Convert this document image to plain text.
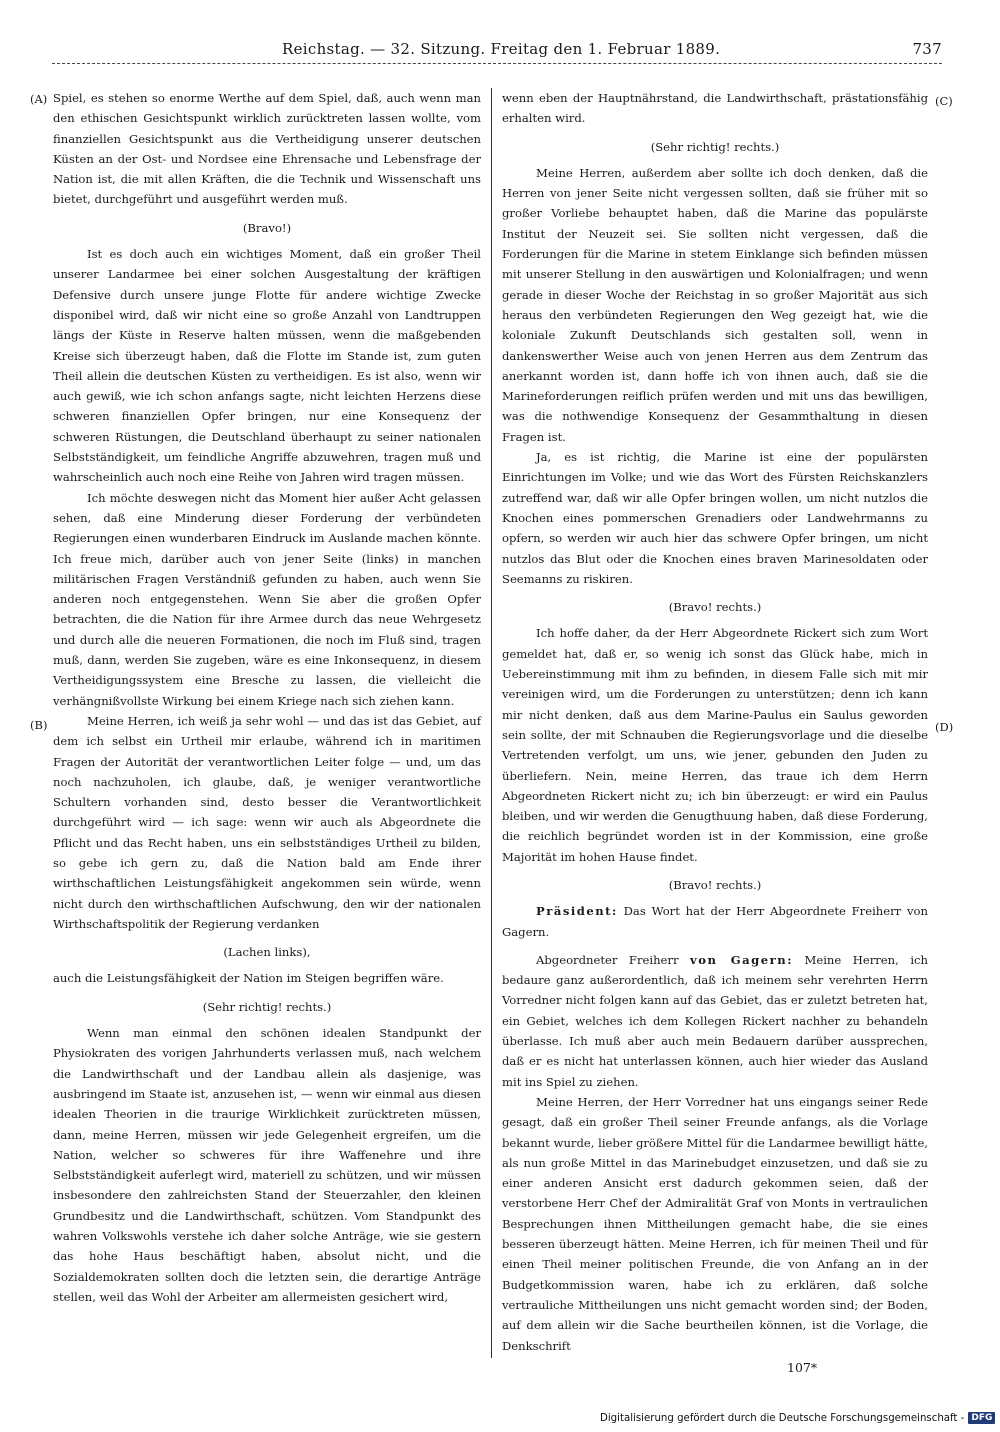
Reichstag. — 32. Sitzung. Freitag den 1. Februar 1889.	737
(A)
(B)
(C)
(D)

Spiel, es stehen so enorme Werthe auf dem Spiel, daß, auch wenn man den ethischen Gesichtspunkt wirklich zurücktreten lassen wollte, vom finanziellen Gesichtspunkt aus die Vertheidigung unserer deutschen Küsten an der Ost- und Nordsee eine Ehrensache und Lebensfrage der Nation ist, die mit allen Kräften, die die Technik und Wissenschaft uns bietet, durchgeführt und ausgeführt werden muß.

(Bravo!)

Ist es doch auch ein wichtiges Moment, daß ein großer Theil unserer Landarmee bei einer solchen Ausgestaltung der kräftigen Defensive durch unsere junge Flotte für andere wichtige Zwecke disponibel wird, daß wir nicht eine so große Anzahl von Landtruppen längs der Küste in Reserve halten müssen, wenn die maßgebenden Kreise sich überzeugt haben, daß die Flotte im Stande ist, zum guten Theil allein die deutschen Küsten zu vertheidigen. Es ist also, wenn wir auch gewiß, wie ich schon anfangs sagte, nicht leichten Herzens diese schweren finanziellen Opfer bringen, nur eine Konsequenz der schweren Rüstungen, die Deutschland überhaupt zu seiner nationalen Selbstständigkeit, um feindliche Angriffe abzuwehren, tragen muß und wahrscheinlich auch noch eine Reihe von Jahren wird tragen müssen.

Ich möchte deswegen nicht das Moment hier außer Acht gelassen sehen, daß eine Minderung dieser Forderung der verbündeten Regierungen einen wunderbaren Eindruck im Auslande machen könnte. Ich freue mich, darüber auch von jener Seite (links) in manchen militärischen Fragen Verständniß gefunden zu haben, auch wenn Sie anderen noch entgegenstehen. Wenn Sie aber die großen Opfer betrachten, die die Nation für ihre Armee durch das neue Wehrgesetz und durch alle die neueren Formationen, die noch im Fluß sind, tragen muß, dann, werden Sie zugeben, wäre es eine Inkonsequenz, in diesem Vertheidigungssystem eine Bresche zu lassen, die vielleicht die verhängnißvollste Wirkung bei einem Kriege nach sich ziehen kann.

Meine Herren, ich weiß ja sehr wohl — und das ist das Gebiet, auf dem ich selbst ein Urtheil mir erlaube, während ich in maritimen Fragen der Autorität der verantwortlichen Leiter folge — und, um das noch nachzuholen, ich glaube, daß, je weniger verantwortliche Schultern vorhanden sind, desto besser die Verantwortlichkeit durchgeführt wird — ich sage: wenn wir auch als Abgeordnete die Pflicht und das Recht haben, uns ein selbstständiges Urtheil zu bilden, so gebe ich gern zu, daß die Nation bald am Ende ihrer wirthschaftlichen Leistungsfähigkeit angekommen sein würde, wenn nicht durch den wirthschaftlichen Aufschwung, den wir der nationalen Wirthschaftspolitik der Regierung verdanken

(Lachen links),

auch die Leistungsfähigkeit der Nation im Steigen begriffen wäre.

(Sehr richtig! rechts.)

Wenn man einmal den schönen idealen Standpunkt der Physiokraten des vorigen Jahrhunderts verlassen muß, nach welchem die Landwirthschaft und der Landbau allein als dasjenige, was ausbringend im Staate ist, anzusehen ist, — wenn wir einmal aus diesen idealen Theorien in die traurige Wirklichkeit zurücktreten müssen, dann, meine Herren, müssen wir jede Gelegenheit ergreifen, um die Nation, welcher so schweres für ihre Waffenehre und ihre Selbstständigkeit auferlegt wird, materiell zu schützen, und wir müssen insbesondere den zahlreichsten Stand der Steuerzahler, den kleinen Grundbesitz und die Landwirthschaft, schützen. Vom Standpunkt des wahren Volkswohls verstehe ich daher solche Anträge, wie sie gestern das hohe Haus beschäftigt haben, absolut nicht, und die Sozialdemokraten sollten doch die letzten sein, die derartige Anträge stellen, weil das Wohl der Arbeiter am allermeisten gesichert wird,

wenn eben der Hauptnährstand, die Landwirthschaft, prästationsfähig erhalten wird.

(Sehr richtig! rechts.)

Meine Herren, außerdem aber sollte ich doch denken, daß die Herren von jener Seite nicht vergessen sollten, daß sie früher mit so großer Vorliebe behauptet haben, daß die Marine das populärste Institut der Neuzeit sei. Sie sollten nicht vergessen, daß die Forderungen für die Marine in stetem Einklange sich befinden müssen mit unserer Stellung in den auswärtigen und Kolonialfragen; und wenn gerade in dieser Woche der Reichstag in so großer Majorität aus sich heraus den verbündeten Regierungen den Weg gezeigt hat, wie die koloniale Zukunft Deutschlands sich gestalten soll, wenn in dankenswerther Weise auch von jenen Herren aus dem Zentrum das anerkannt worden ist, dann hoffe ich von ihnen auch, daß sie die Marineforderungen reiflich prüfen werden und mit uns das bewilligen, was die nothwendige Konsequenz der Gesammthaltung in diesen Fragen ist.

Ja, es ist richtig, die Marine ist eine der populärsten Einrichtungen im Volke; und wie das Wort des Fürsten Reichskanzlers zutreffend war, daß wir alle Opfer bringen wollen, um nicht nutzlos die Knochen eines pommerschen Grenadiers oder Landwehrmanns zu opfern, so werden wir auch hier das schwere Opfer bringen, um nicht nutzlos das Blut oder die Knochen eines braven Marinesoldaten oder Seemanns zu riskiren.

(Bravo! rechts.)

Ich hoffe daher, da der Herr Abgeordnete Rickert sich zum Wort gemeldet hat, daß er, so wenig ich sonst das Glück habe, mich in Uebereinstimmung mit ihm zu befinden, in diesem Falle sich mit mir vereinigen wird, um die Forderungen zu unterstützen; denn ich kann mir nicht denken, daß aus dem Marine-Paulus ein Saulus geworden sein sollte, der mit Schnauben die Regierungsvorlage und die dieselbe Vertretenden verfolgt, um uns, wie jener, gebunden den Juden zu überliefern. Nein, meine Herren, das traue ich dem Herrn Abgeordneten Rickert nicht zu; ich bin überzeugt: er wird ein Paulus bleiben, und wir werden die Genugthuung haben, daß diese Forderung, die reichlich begründet worden ist in der Kommission, eine große Majorität im hohen Hause findet.

(Bravo! rechts.)

Präsident: Das Wort hat der Herr Abgeordnete Freiherr von Gagern.

Abgeordneter Freiherr von Gagern: Meine Herren, ich bedaure ganz außerordentlich, daß ich meinem sehr verehrten Herrn Vorredner nicht folgen kann auf das Gebiet, das er zuletzt betreten hat, ein Gebiet, welches ich dem Kollegen Rickert nachher zu behandeln überlasse. Ich muß aber auch mein Bedauern darüber aussprechen, daß er es nicht hat unterlassen können, auch hier wieder das Ausland mit ins Spiel zu ziehen.

Meine Herren, der Herr Vorredner hat uns eingangs seiner Rede gesagt, daß ein großer Theil seiner Freunde anfangs, als die Vorlage bekannt wurde, lieber größere Mittel für die Landarmee bewilligt hätte, als nun große Mittel in das Marinebudget einzusetzen, und daß sie zu einer anderen Ansicht erst dadurch gekommen seien, daß der verstorbene Herr Chef der Admiralität Graf von Monts in vertraulichen Besprechungen ihnen Mittheilungen gemacht habe, die sie eines besseren überzeugt hätten. Meine Herren, ich für meinen Theil und für einen Theil meiner politischen Freunde, die von Anfang an in der Budgetkommission waren, habe ich zu erklären, daß solche vertrauliche Mittheilungen uns nicht gemacht worden sind; der Boden, auf dem allein wir die Sache beurtheilen können, ist die Vorlage, die Denkschrift

107*
Digitalisierung gefördert durch die Deutsche Forschungsgemeinschaft - DFG
